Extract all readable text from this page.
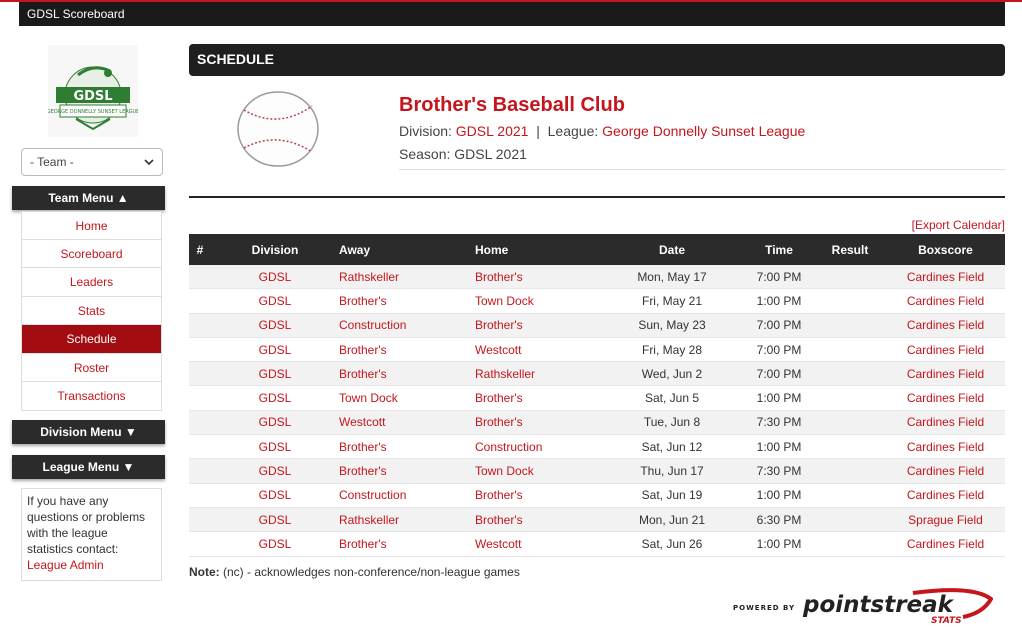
GDSL Scoreboard
GDSL
GEORGE DONNELLY SUNSET LEAGUE
- Team -
Team Menu ▲
Home
Scoreboard
Leaders
Stats
Schedule
Roster
Transactions
Division Menu ▼
League Menu ▼
If you have any questions or problems with the league statistics contact:
League Admin
SCHEDULE
Brother's Baseball Club
Division: GDSL 2021 | League: George Donnelly Sunset League
Season: GDSL 2021
[Export Calendar]
#	Division	Away	Home	Date	Time	Result	Boxscore
	GDSL	Rathskeller	Brother's	Mon, May 17	7:00 PM		Cardines Field
	GDSL	Brother's	Town Dock	Fri, May 21	1:00 PM		Cardines Field
	GDSL	Construction	Brother's	Sun, May 23	7:00 PM		Cardines Field
	GDSL	Brother's	Westcott	Fri, May 28	7:00 PM		Cardines Field
	GDSL	Brother's	Rathskeller	Wed, Jun 2	7:00 PM		Cardines Field
	GDSL	Town Dock	Brother's	Sat, Jun 5	1:00 PM		Cardines Field
	GDSL	Westcott	Brother's	Tue, Jun 8	7:30 PM		Cardines Field
	GDSL	Brother's	Construction	Sat, Jun 12	1:00 PM		Cardines Field
	GDSL	Brother's	Town Dock	Thu, Jun 17	7:30 PM		Cardines Field
	GDSL	Construction	Brother's	Sat, Jun 19	1:00 PM		Cardines Field
	GDSL	Rathskeller	Brother's	Mon, Jun 21	6:30 PM		Sprague Field
	GDSL	Brother's	Westcott	Sat, Jun 26	1:00 PM		Cardines Field
Note: (nc) - acknowledges non-conference/non-league games
POWERED BY pointstreak
STATS
